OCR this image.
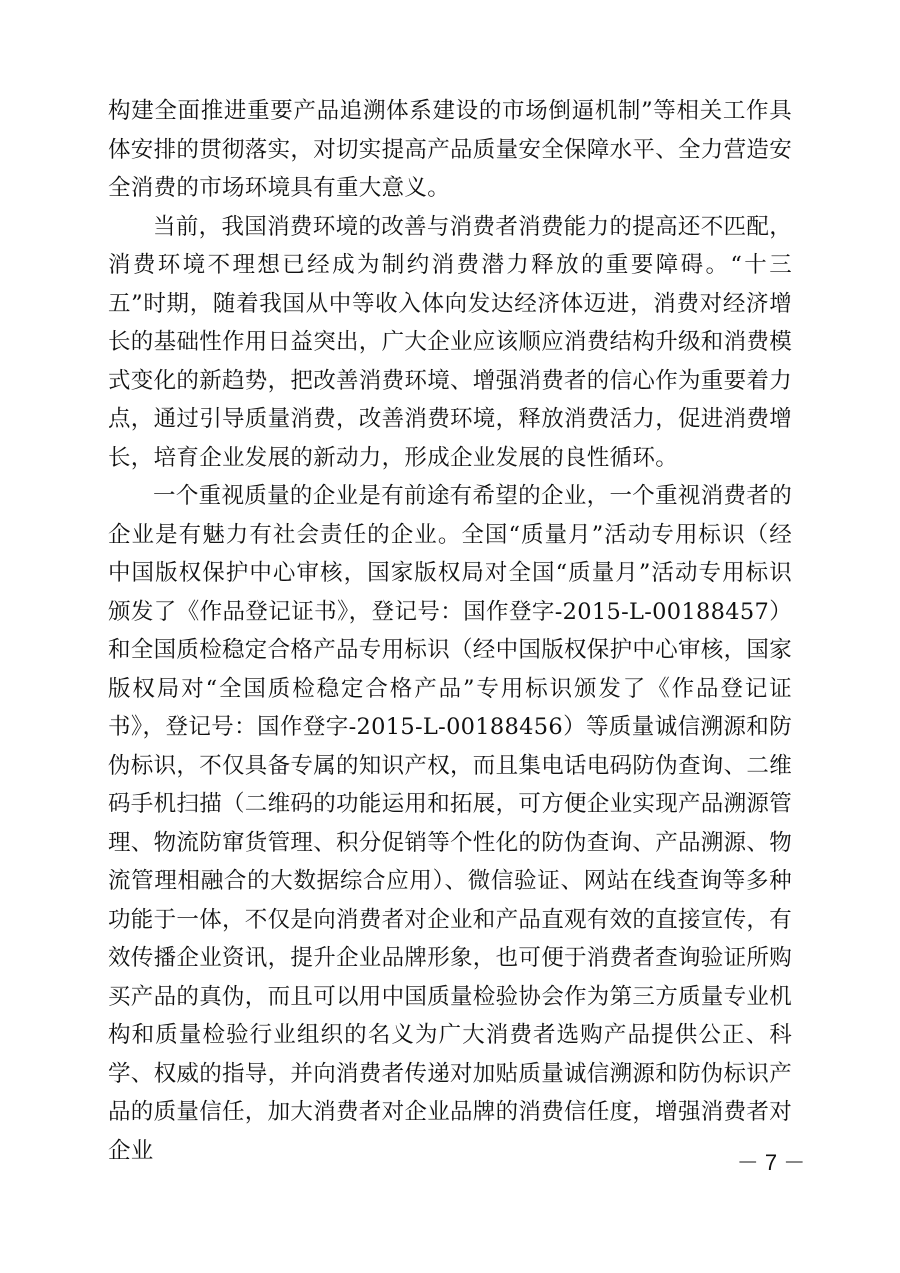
构建全面推进重要产品追溯体系建设的市场倒逼机制”等相关工作具体安排的贯彻落实，对切实提高产品质量安全保障水平、全力营造安全消费的市场环境具有重大意义。

当前，我国消费环境的改善与消费者消费能力的提高还不匹配，消费环境不理想已经成为制约消费潜力释放的重要障碍。“十三五”时期，随着我国从中等收入体向发达经济体迈进，消费对经济增长的基础性作用日益突出，广大企业应该顺应消费结构升级和消费模式变化的新趋势，把改善消费环境、增强消费者的信心作为重要着力点，通过引导质量消费，改善消费环境，释放消费活力，促进消费增长，培育企业发展的新动力，形成企业发展的良性循环。

一个重视质量的企业是有前途有希望的企业，一个重视消费者的企业是有魅力有社会责任的企业。全国“质量月”活动专用标识（经中国版权保护中心审核，国家版权局对全国“质量月”活动专用标识颁发了《作品登记证书》，登记号：国作登字-2015-L-00188457）和全国质检稳定合格产品专用标识（经中国版权保护中心审核，国家版权局对“全国质检稳定合格产品”专用标识颁发了《作品登记证书》，登记号：国作登字-2015-L-00188456）等质量诚信溯源和防伪标识，不仅具备专属的知识产权，而且集电话电码防伪查询、二维码手机扫描（二维码的功能运用和拓展，可方便企业实现产品溯源管理、物流防窜货管理、积分促销等个性化的防伪查询、产品溯源、物流管理相融合的大数据综合应用）、微信验证、网站在线查询等多种功能于一体，不仅是向消费者对企业和产品直观有效的直接宣传，有效传播企业资讯，提升企业品牌形象，也可便于消费者查询验证所购买产品的真伪，而且可以用中国质量检验协会作为第三方质量专业机构和质量检验行业组织的名义为广大消费者选购产品提供公正、科学、权威的指导，并向消费者传递对加贴质量诚信溯源和防伪标识产品的质量信任，加大消费者对企业品牌的消费信任度，增强消费者对企业	－ 7 －
